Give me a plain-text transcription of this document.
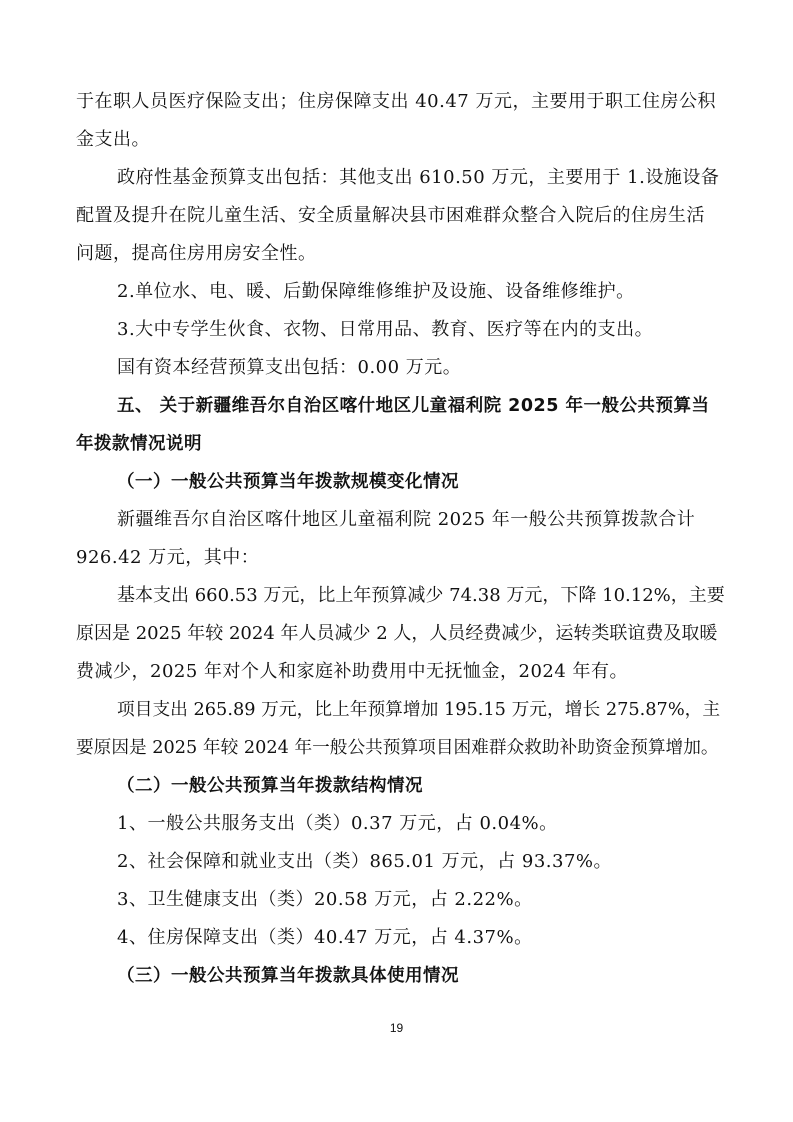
于在职人员医疗保险支出；住房保障支出 40.47 万元，主要用于职工住房公积
金支出。
政府性基金预算支出包括：其他支出 610.50 万元，主要用于 1.设施设备
配置及提升在院儿童生活、安全质量解决县市困难群众整合入院后的住房生活
问题，提高住房用房安全性。
2.单位水、电、暖、后勤保障维修维护及设施、设备维修维护。
3.大中专学生伙食、衣物、日常用品、教育、医疗等在内的支出。
国有资本经营预算支出包括：0.00 万元。
五、 关于新疆维吾尔自治区喀什地区儿童福利院 2025 年一般公共预算当
年拨款情况说明
（一）一般公共预算当年拨款规模变化情况
新疆维吾尔自治区喀什地区儿童福利院 2025 年一般公共预算拨款合计
926.42 万元，其中：
基本支出 660.53 万元，比上年预算减少 74.38 万元，下降 10.12%，主要
原因是 2025 年较 2024 年人员减少 2 人，人员经费减少，运转类联谊费及取暖
费减少，2025 年对个人和家庭补助费用中无抚恤金，2024 年有。
项目支出 265.89 万元，比上年预算增加 195.15 万元，增长 275.87%，主
要原因是 2025 年较 2024 年一般公共预算项目困难群众救助补助资金预算增加。
（二）一般公共预算当年拨款结构情况
1、一般公共服务支出（类）0.37 万元，占 0.04%。
2、社会保障和就业支出（类）865.01 万元，占 93.37%。
3、卫生健康支出（类）20.58 万元，占 2.22%。
4、住房保障支出（类）40.47 万元，占 4.37%。
（三）一般公共预算当年拨款具体使用情况
19
